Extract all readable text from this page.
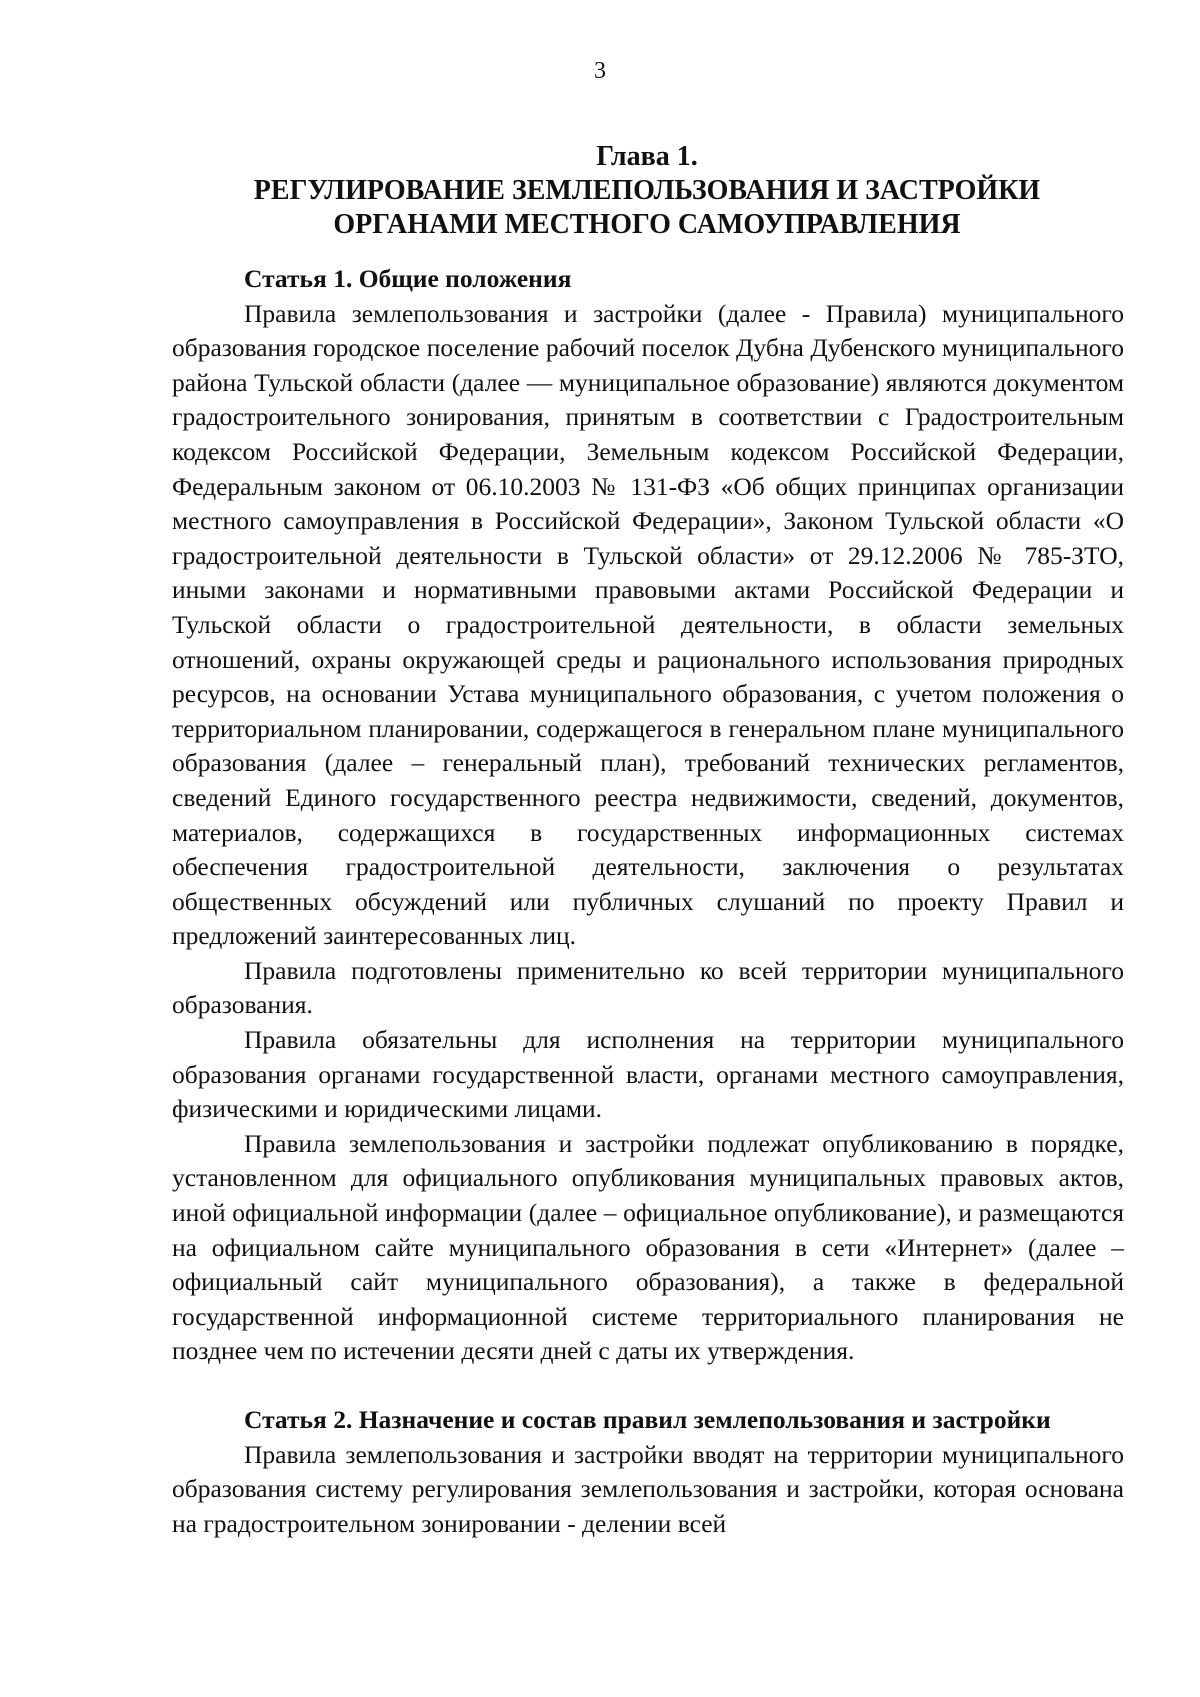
3
Глава 1.
РЕГУЛИРОВАНИЕ ЗЕМЛЕПОЛЬЗОВАНИЯ И ЗАСТРОЙКИ
ОРГАНАМИ МЕСТНОГО САМОУПРАВЛЕНИЯ

Статья 1. Общие положения

Правила землепользования и застройки (далее - Правила) муниципального образования городское поселение рабочий поселок Дубна Дубенского муниципального района Тульской области (далее — муниципальное образование) являются документом градостроительного зонирования, принятым в соответствии с Градостроительным кодексом Российской Федерации, Земельным кодексом Российской Федерации, Федеральным законом от 06.10.2003 № 131-ФЗ «Об общих принципах организации местного самоуправления в Российской Федерации», Законом Тульской области «О градостроительной деятельности в Тульской области» от 29.12.2006 № 785-ЗТО, иными законами и нормативными правовыми актами Российской Федерации и Тульской области о градостроительной деятельности, в области земельных отношений, охраны окружающей среды и рационального использования природных ресурсов, на основании Устава муниципального образования, с учетом положения о территориальном планировании, содержащегося в генеральном плане муниципального образования (далее – генеральный план), требований технических регламентов, сведений Единого государственного реестра недвижимости, сведений, документов, материалов, содержащихся в государственных информационных системах обеспечения градостроительной деятельности, заключения о результатах общественных обсуждений или публичных слушаний по проекту Правил и предложений заинтересованных лиц.

Правила подготовлены применительно ко всей территории муниципального образования.

Правила обязательны для исполнения на территории муниципального образования органами государственной власти, органами местного самоуправления, физическими и юридическими лицами.

Правила землепользования и застройки подлежат опубликованию в порядке, установленном для официального опубликования муниципальных правовых актов, иной официальной информации (далее – официальное опубликование), и размещаются на официальном сайте муниципального образования в сети «Интернет» (далее – официальный сайт муниципального образования), а также в федеральной государственной информационной системе территориального планирования не позднее чем по истечении десяти дней с даты их утверждения.

Статья 2. Назначение и состав правил землепользования и застройки

Правила землепользования и застройки вводят на территории муниципального образования систему регулирования землепользования и застройки, которая основана на градостроительном зонировании - делении всей
